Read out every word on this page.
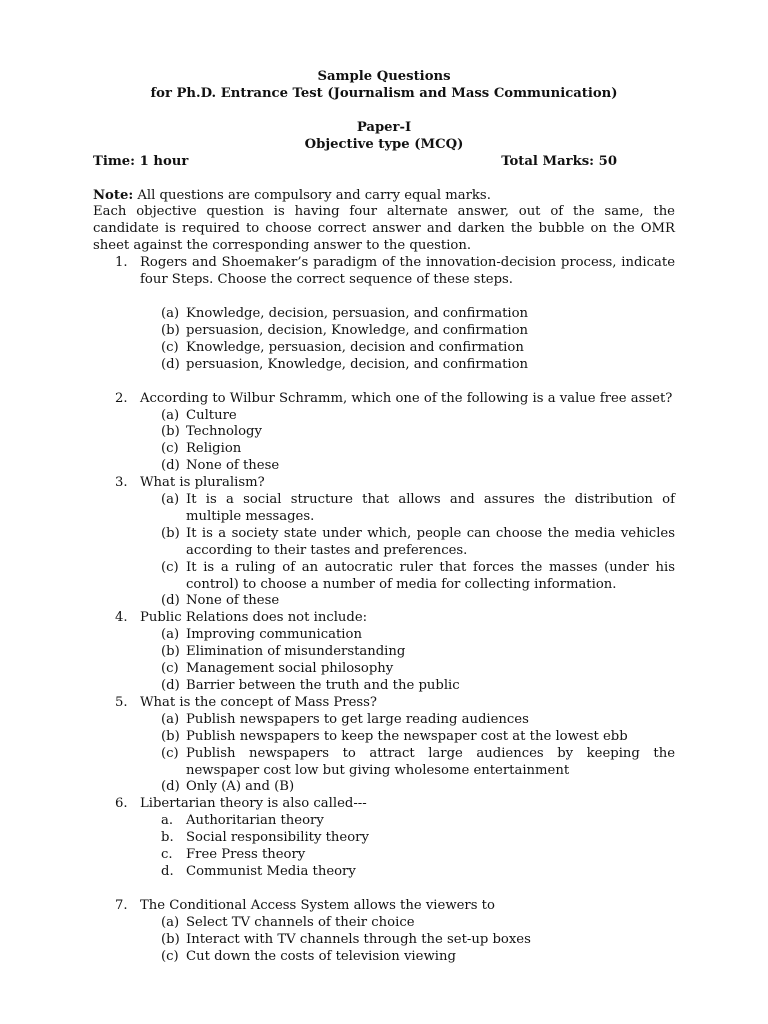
Sample Questions
for Ph.D. Entrance Test (Journalism and Mass Communication)
Paper-I
Objective type (MCQ)
Time: 1 hour	Total Marks: 50
Note: All questions are compulsory and carry equal marks.
Each objective question is having four alternate answer, out of the same, the candidate is required to choose correct answer and darken the bubble on the OMR sheet against the corresponding answer to the question.
1. Rogers and Shoemaker’s paradigm of the innovation-decision process, indicate four Steps. Choose the correct sequence of these steps.
(a) Knowledge, decision, persuasion, and confirmation
(b) persuasion, decision, Knowledge, and confirmation
(c) Knowledge, persuasion, decision and confirmation
(d) persuasion, Knowledge, decision, and confirmation
2. According to Wilbur Schramm, which one of the following is a value free asset?
(a) Culture
(b) Technology
(c) Religion
(d) None of these
3. What is pluralism?
(a) It is a social structure that allows and assures the distribution of multiple messages.
(b) It is a society state under which, people can choose the media vehicles according to their tastes and preferences.
(c) It is a ruling of an autocratic ruler that forces the masses (under his control) to choose a number of media for collecting information.
(d) None of these
4. Public Relations does not include:
(a) Improving communication
(b) Elimination of misunderstanding
(c) Management social philosophy
(d) Barrier between the truth and the public
5. What is the concept of Mass Press?
(a) Publish newspapers to get large reading audiences
(b) Publish newspapers to keep the newspaper cost at the lowest ebb
(c) Publish newspapers to attract large audiences by keeping the newspaper cost low but giving wholesome entertainment
(d) Only (A) and (B)
6. Libertarian theory is also called---
a. Authoritarian theory
b. Social responsibility theory
c. Free Press theory
d. Communist Media theory
7. The Conditional Access System allows the viewers to
(a) Select TV channels of their choice
(b) Interact with TV channels through the set-up boxes
(c) Cut down the costs of television viewing
